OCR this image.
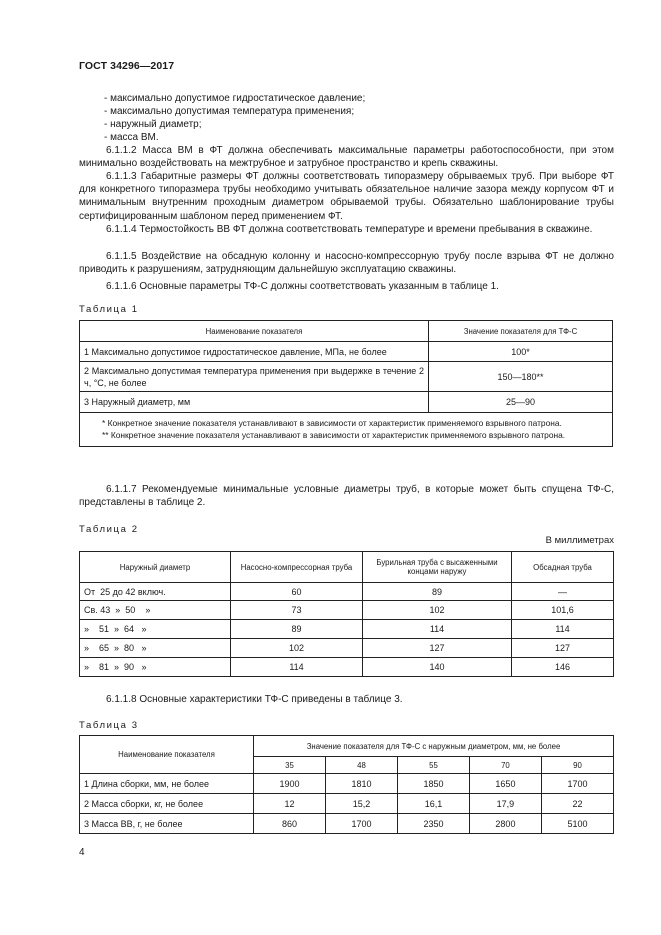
ГОСТ 34296—2017
- максимально допустимое гидростатическое давление;
- максимально допустимая температура применения;
- наружный диаметр;
- масса ВМ.
6.1.1.2 Масса ВМ в ФТ должна обеспечивать максимальные параметры работоспособности, при этом минимально воздействовать на межтрубное и затрубное пространство и крепь скважины.
6.1.1.3 Габаритные размеры ФТ должны соответствовать типоразмеру обрываемых труб. При выборе ФТ для конкретного типоразмера трубы необходимо учитывать обязательное наличие зазора между корпусом ФТ и минимальным внутренним проходным диаметром обрываемой трубы. Обязательно шаблонирование трубы сертифицированным шаблоном перед применением ФТ.
6.1.1.4 Термостойкость ВВ ФТ должна соответствовать температуре и времени пребывания в скважине.
6.1.1.5 Воздействие на обсадную колонну и насосно-компрессорную трубу после взрыва ФТ не должно приводить к разрушениям, затрудняющим дальнейшую эксплуатацию скважины.
6.1.1.6 Основные параметры ТФ-С должны соответствовать указанным в таблице 1.
Таблица 1
Наименование показателя	Значение показателя для ТФ-С
1 Максимально допустимое гидростатическое давление, МПа, не более	100*
2 Максимально допустимая температура применения при выдержке в течение 2 ч, °С, не более	150—180**
3 Наружный диаметр, мм	25—90

* Конкретное значение показателя устанавливают в зависимости от характеристик применяемого взрывного патрона.

** Конкретное значение показателя устанавливают в зависимости от характеристик применяемого взрывного патрона.	

6.1.1.7 Рекомендуемые минимальные условные диаметры труб, в которые может быть спущена ТФ-С, представлены в таблице 2.
Таблица 2
В миллиметрах
Наружный диаметр	Насосно-компрессорная труба	Бурильная труба с высаженными концами наружу	Обсадная труба
От  25 до 42 включ.	60	89	—
Св. 43  »  50    »	73	102	101,6
»    51  »  64   »	89	114	114
»    65  »  80   »	102	127	127
»    81  »  90   »	114	140	146
6.1.1.8 Основные характеристики ТФ-С приведены в таблице 3.
Таблица 3
Наименование показателя	Значение показателя для ТФ-С с наружным диаметром, мм, не более				
	35	48	55	70	90
1 Длина сборки, мм, не более	1900	1810	1850	1650	1700
2 Масса сборки, кг, не более	12	15,2	16,1	17,9	22
3 Масса ВВ, г, не более	860	1700	2350	2800	5100
4
